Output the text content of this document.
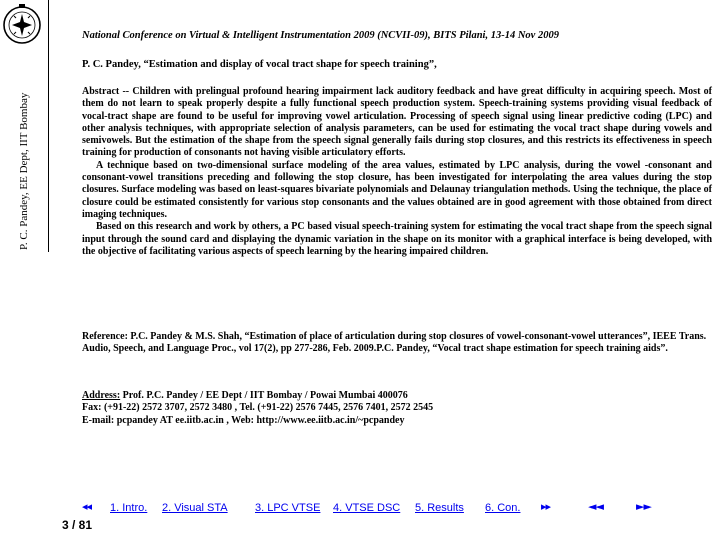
P. C. Pandey, EE Dept, IIT Bombay
National Conference on Virtual & Intelligent Instrumentation 2009 (NCVII-09), BITS Pilani, 13-14 Nov 2009
P. C. Pandey, “Estimation and display of vocal tract shape for speech training”,

Abstract -- Children with prelingual profound hearing impairment lack auditory feedback and have great difficulty in acquiring speech. Most of them do not learn to speak properly despite a fully functional speech production system. Speech-training systems providing visual feedback of vocal-tract shape are found to be useful for improving vowel articulation. Processing of speech signal using linear predictive coding (LPC) and other analysis techniques, with appropriate selection of analysis parameters, can be used for estimating the vocal tract shape during vowels and semivowels. But the estimation of the shape from the speech signal generally fails during stop closures, and this restricts its effectiveness in speech training for production of consonants not having visible articulatory efforts.

A technique based on two-dimensional surface modeling of the area values, estimated by LPC analysis, during the vowel -consonant and consonant-vowel transitions preceding and following the stop closure, has been investigated for interpolating the area values during the stop closures. Surface modeling was based on least-squares bivariate polynomials and Delaunay triangulation methods. Using the technique, the place of closure could be estimated consistently for various stop consonants and the values obtained are in good agreement with those obtained from direct imaging techniques.

Based on this research and work by others, a PC based visual speech-training system for estimating the vocal tract shape from the speech signal input through the sound card and displaying the dynamic variation in the shape on its monitor with a graphical interface is being developed, with the objective of facilitating various aspects of speech learning by the hearing impaired children.

Reference: P.C. Pandey & M.S. Shah, “Estimation of place of articulation during stop closures of vowel-consonant-vowel utterances”, IEEE Trans. Audio, Speech, and Language Proc., vol 17(2), pp 277-286, Feb. 2009.P.C. Pandey, “Vocal tract shape estimation for speech training aids”.
Address: Prof. P.C. Pandey / EE Dept / IIT Bombay / Powai Mumbai 400076
Fax: (+91-22) 2572 3707, 2572 3480 , Tel. (+91-22) 2576 7445, 2576 7401, 2572 2545
E-mail: pcpandey AT ee.iitb.ac.in , Web: http://www.ee.iitb.ac.in/~pcpandey
◂◂ 1. Intro. 2. Visual STA 3. LPC VTSE 4. VTSE DSC 5. Results 6. Con. ▸▸	◄◄	►►
3 / 81
